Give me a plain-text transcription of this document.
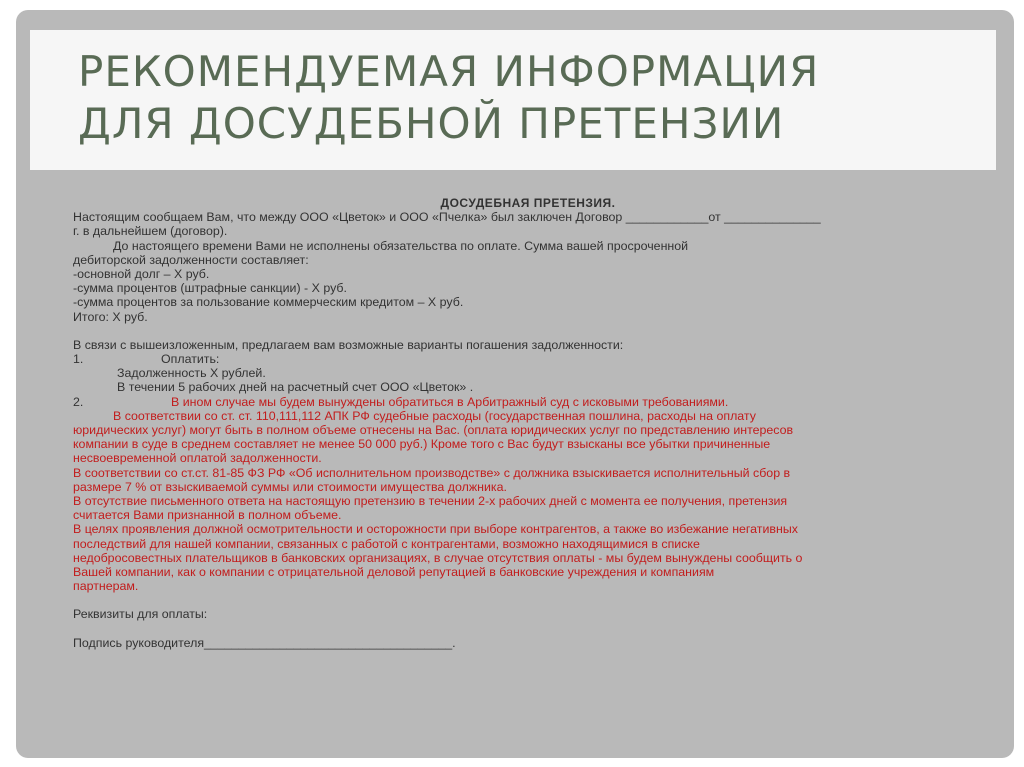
РЕКОМЕНДУЕМАЯ ИНФОРМАЦИЯ
ДЛЯ ДОСУДЕБНОЙ ПРЕТЕНЗИИ

ДОСУДЕБНАЯ ПРЕТЕНЗИЯ.

Настоящим сообщаем Вам, что между ООО «Цветок» и ООО «Пчелка» был заключен Договор ____________от ______________

г. в дальнейшем (договор).

До настоящего времени Вами не исполнены обязательства по оплате. Сумма вашей просроченной

дебиторской задолженности составляет:

-основной долг – Х руб.

-сумма процентов (штрафные санкции) - Х руб.

-сумма процентов за пользование коммерческим кредитом – Х руб.

Итого: Х руб.

В связи с вышеизложенным, предлагаем вам возможные варианты погашения задолженности:

1.	Оплатить:

Задолженность Х рублей.

В течении 5 рабочих дней на расчетный счет ООО «Цветок» .

2.	В ином случае мы будем вынуждены обратиться в Арбитражный суд с исковыми требованиями.

В соответствии со ст. ст. 110,111,112 АПК РФ судебные расходы (государственная пошлина, расходы на оплату

юридических услуг) могут быть в полном объеме отнесены на Вас. (оплата юридических услуг по представлению интересов

компании в суде в среднем составляет не менее 50 000 руб.) Кроме того с Вас будут взысканы все убытки причиненные

несвоевременной оплатой задолженности.

В соответствии со ст.ст. 81-85 ФЗ РФ «Об исполнительном производстве» с должника взыскивается исполнительный сбор в

размере 7 % от взыскиваемой суммы или стоимости имущества должника.

В отсутствие письменного ответа на настоящую претензию в течении 2-х рабочих дней с момента ее получения, претензия

считается Вами признанной в полном объеме.

В целях проявления должной осмотрительности и осторожности при выборе контрагентов, а также во избежание негативных

последствий для нашей компании, связанных с работой с контрагентами, возможно находящимися в списке

недобросовестных плательщиков в банковских организациях, в случае отсутствия оплаты - мы будем вынуждены сообщить о

Вашей компании, как о компании с отрицательной деловой репутацией в банковские учреждения и компаниям

партнерам.

Реквизиты для оплаты:

Подпись руководителя____________________________________.
